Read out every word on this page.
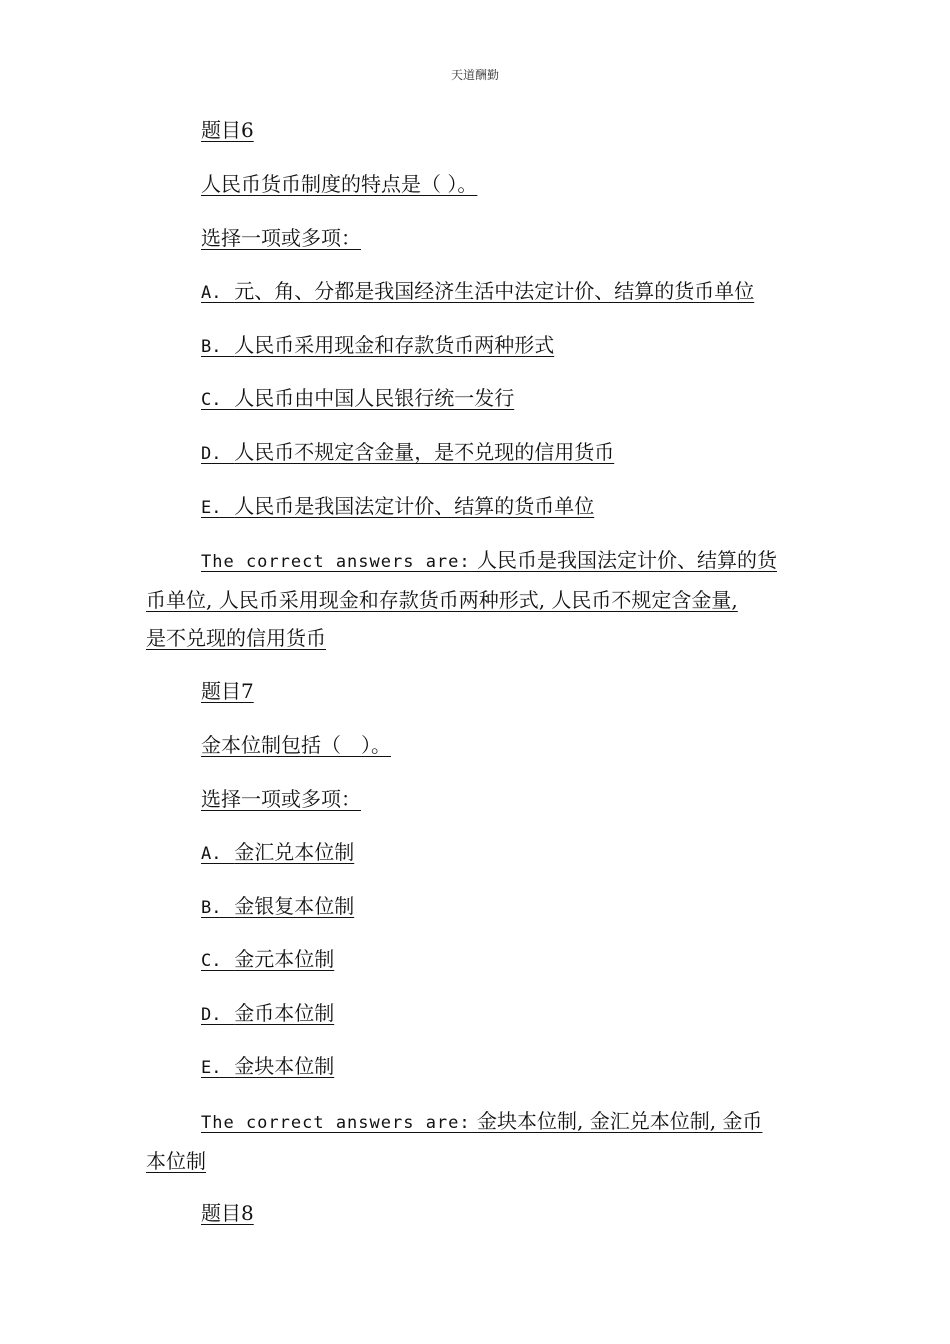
天道酬勤
题目6
人民币货币制度的特点是（ ）。
选择一项或多项：
A. 元、角、分都是我国经济生活中法定计价、结算的货币单位
B. 人民币采用现金和存款货币两种形式
C. 人民币由中国人民银行统一发行
D. 人民币不规定含金量，是不兑现的信用货币
E. 人民币是我国法定计价、结算的货币单位
The correct answers are: 人民币是我国法定计价、结算的货
币单位, 人民币采用现金和存款货币两种形式, 人民币不规定含金量,
是不兑现的信用货币
题目7
金本位制包括（　）。
选择一项或多项：
A. 金汇兑本位制
B. 金银复本位制
C. 金元本位制
D. 金币本位制
E. 金块本位制
The correct answers are: 金块本位制, 金汇兑本位制, 金币
本位制
题目8
